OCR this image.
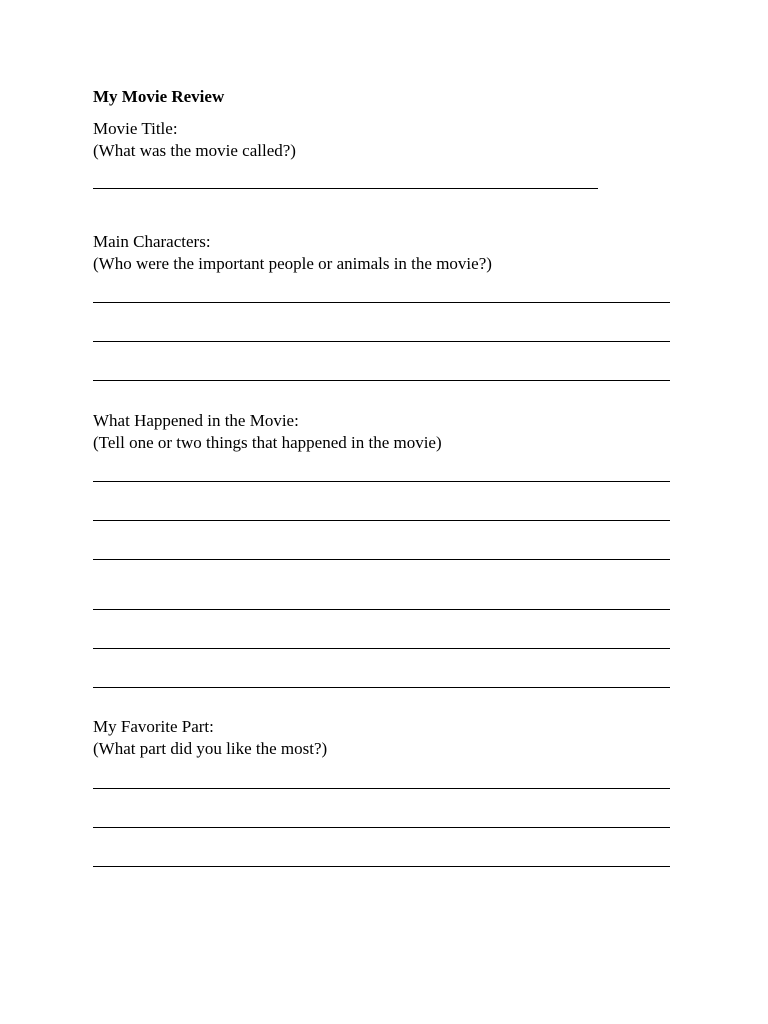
My Movie Review
Movie Title:
(What was the movie called?)
Main Characters:
(Who were the important people or animals in the movie?)
What Happened in the Movie:
(Tell one or two things that happened in the movie)
My Favorite Part:
(What part did you like the most?)
